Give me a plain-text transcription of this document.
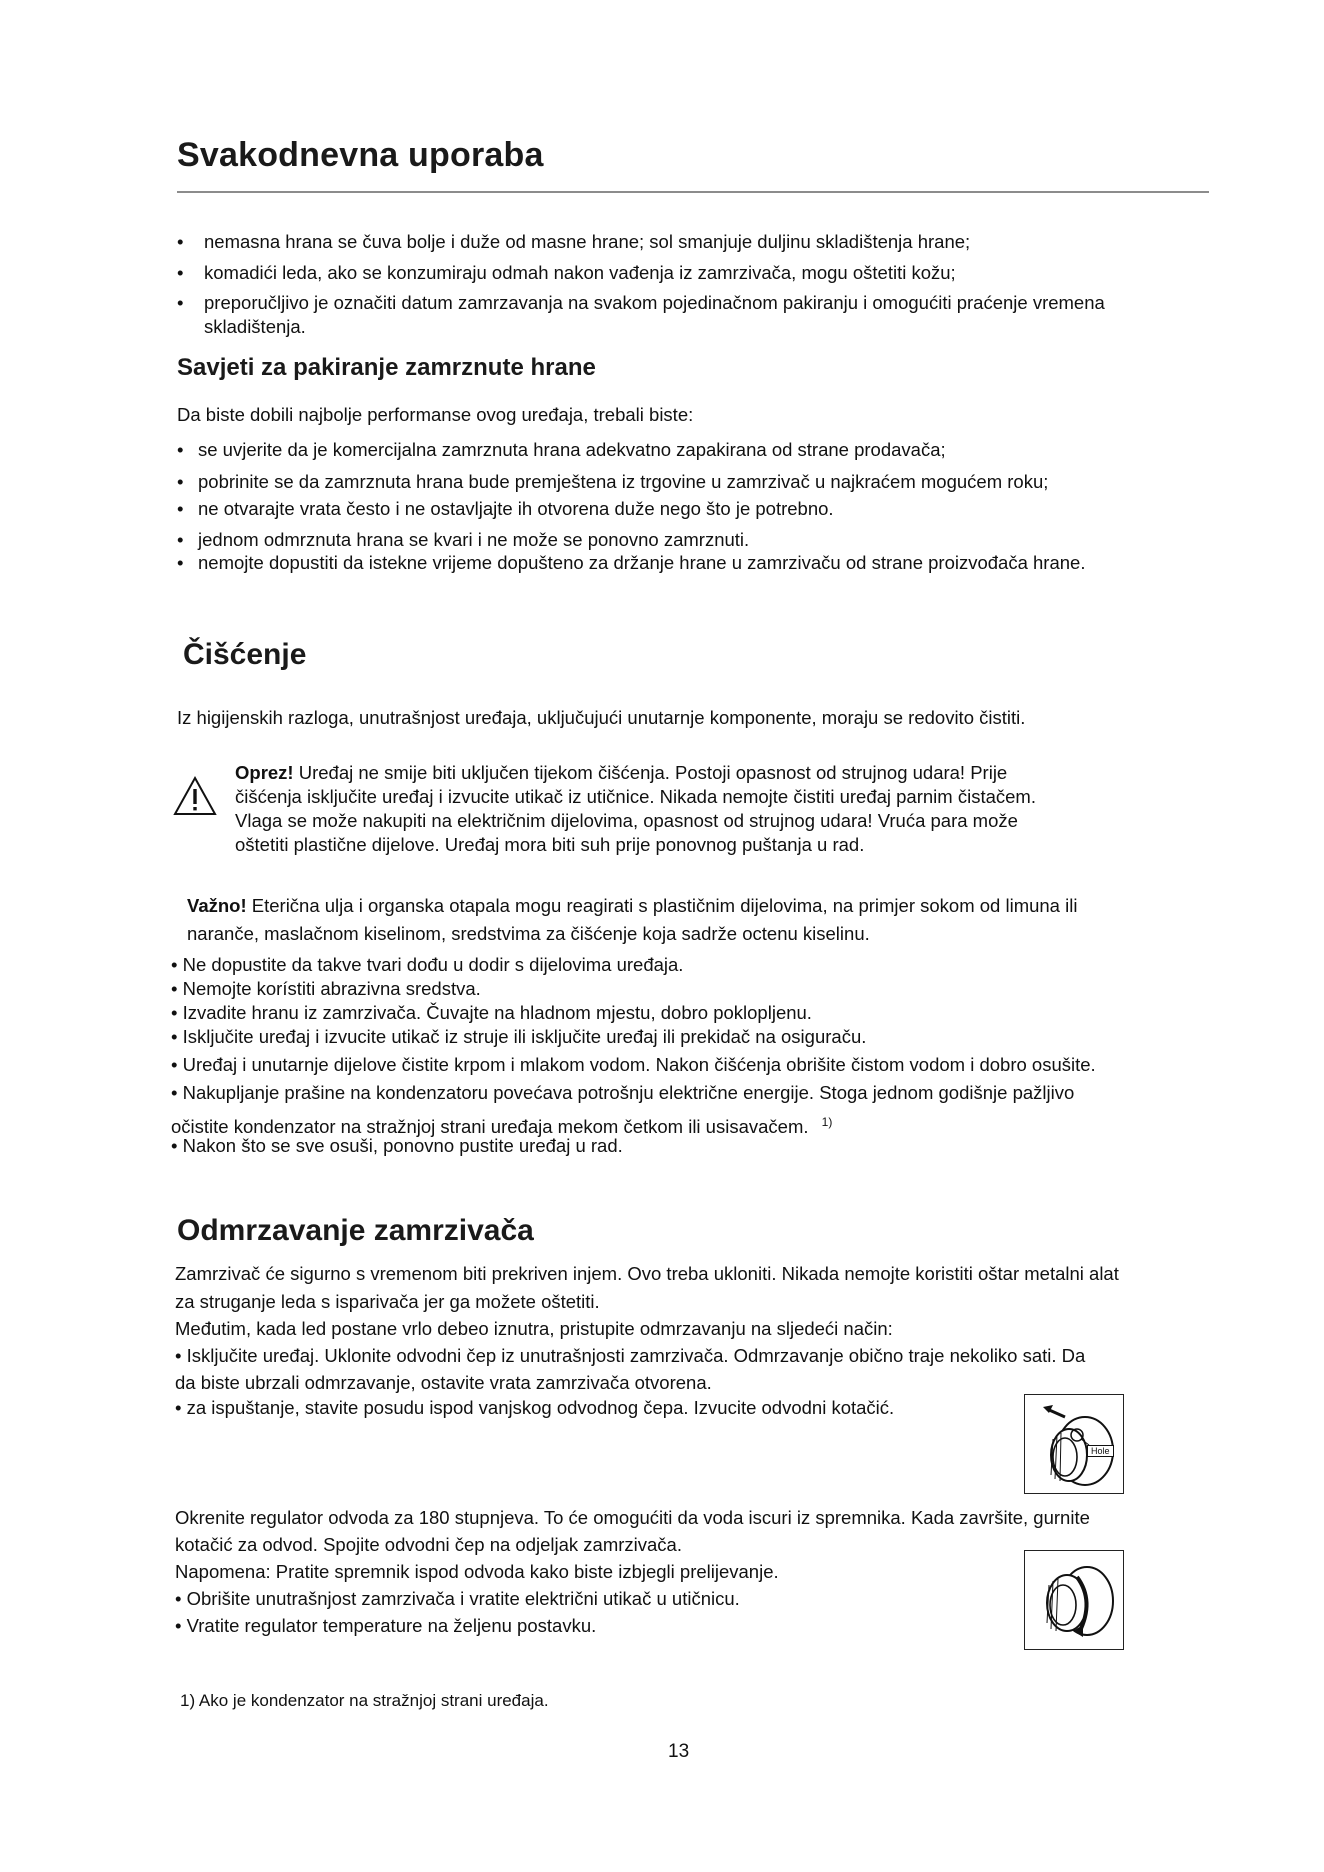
Svakodnevna uporaba
• nemasna hrana se čuva bolje i duže od masne hrane; sol smanjuje duljinu skladištenja hrane;
• komadići leda, ako se konzumiraju odmah nakon vađenja iz zamrzivača, mogu oštetiti kožu;
• preporučljivo je označiti datum zamrzavanja na svakom pojedinačnom pakiranju i omogućiti praćenje vremena
skladištenja.
Savjeti za pakiranje zamrznute hrane
Da biste dobili najbolje performanse ovog uređaja, trebali biste:
• se uvjerite da je komercijalna zamrznuta hrana adekvatno zapakirana od strane prodavača;
• pobrinite se da zamrznuta hrana bude premještena iz trgovine u zamrzivač u najkraćem mogućem roku;
• ne otvarajte vrata često i ne ostavljajte ih otvorena duže nego što je potrebno.
• jednom odmrznuta hrana se kvari i ne može se ponovno zamrznuti.
• nemojte dopustiti da istekne vrijeme dopušteno za držanje hrane u zamrzivaču od strane proizvođača hrane.
Čišćenje
Iz higijenskih razloga, unutrašnjost uređaja, uključujući unutarnje komponente, moraju se redovito čistiti.
Oprez! Uređaj ne smije biti uključen tijekom čišćenja. Postoji opasnost od strujnog udara! Prije
čišćenja isključite uređaj i izvucite utikač iz utičnice. Nikada nemojte čistiti uređaj parnim čistačem.
Vlaga se može nakupiti na električnim dijelovima, opasnost od strujnog udara! Vruća para može
oštetiti plastične dijelove. Uređaj mora biti suh prije ponovnog puštanja u rad.
Važno! Eterična ulja i organska otapala mogu reagirati s plastičnim dijelovima, na primjer sokom od limuna ili
naranče, maslačnom kiselinom, sredstvima za čišćenje koja sadrže octenu kiselinu.
• Ne dopustite da takve tvari dođu u dodir s dijelovima uređaja.
• Nemojte korístiti abrazivna sredstva.
• Izvadite hranu iz zamrzivača. Čuvajte na hladnom mjestu, dobro poklopljenu.
• Isključite uređaj i izvucite utikač iz struje ili isključite uređaj ili prekidač na osiguraču.
• Uređaj i unutarnje dijelove čistite krpom i mlakom vodom. Nakon čišćenja obrišite čistom vodom i dobro osušite.
• Nakupljanje prašine na kondenzatoru povećava potrošnju električne energije. Stoga jednom godišnje pažljivo
očistite kondenzator na stražnjoj strani uređaja mekom četkom ili usisavačem. $^{1)}$
• Nakon što se sve osuši, ponovno pustite uređaj u rad.
Odmrzavanje zamrzivača
Zamrzivač će sigurno s vremenom biti prekriven injem. Ovo treba ukloniti. Nikada nemojte koristiti oštar metalni alat
za struganje leda s isparivača jer ga možete oštetiti.
Međutim, kada led postane vrlo debeo iznutra, pristupite odmrzavanju na sljedeći način:
• Isključite uređaj. Uklonite odvodni čep iz unutrašnjosti zamrzivača. Odmrzavanje obično traje nekoliko sati. Da
da biste ubrzali odmrzavanje, ostavite vrata zamrzivača otvorena.
• za ispuštanje, stavite posudu ispod vanjskog odvodnog čepa. Izvucite odvodni kotačić.
Hole
Okrenite regulator odvoda za 180 stupnjeva. To će omogućiti da voda iscuri iz spremnika. Kada završite, gurnite
kotačić za odvod. Spojite odvodni čep na odjeljak zamrzivača.
Napomena: Pratite spremnik ispod odvoda kako biste izbjegli prelijevanje.
• Obrišite unutrašnjost zamrzivača i vratite električni utikač u utičnicu.
• Vratite regulator temperature na željenu postavku.
1) Ako je kondenzator na stražnjoj strani uređaja.
13
